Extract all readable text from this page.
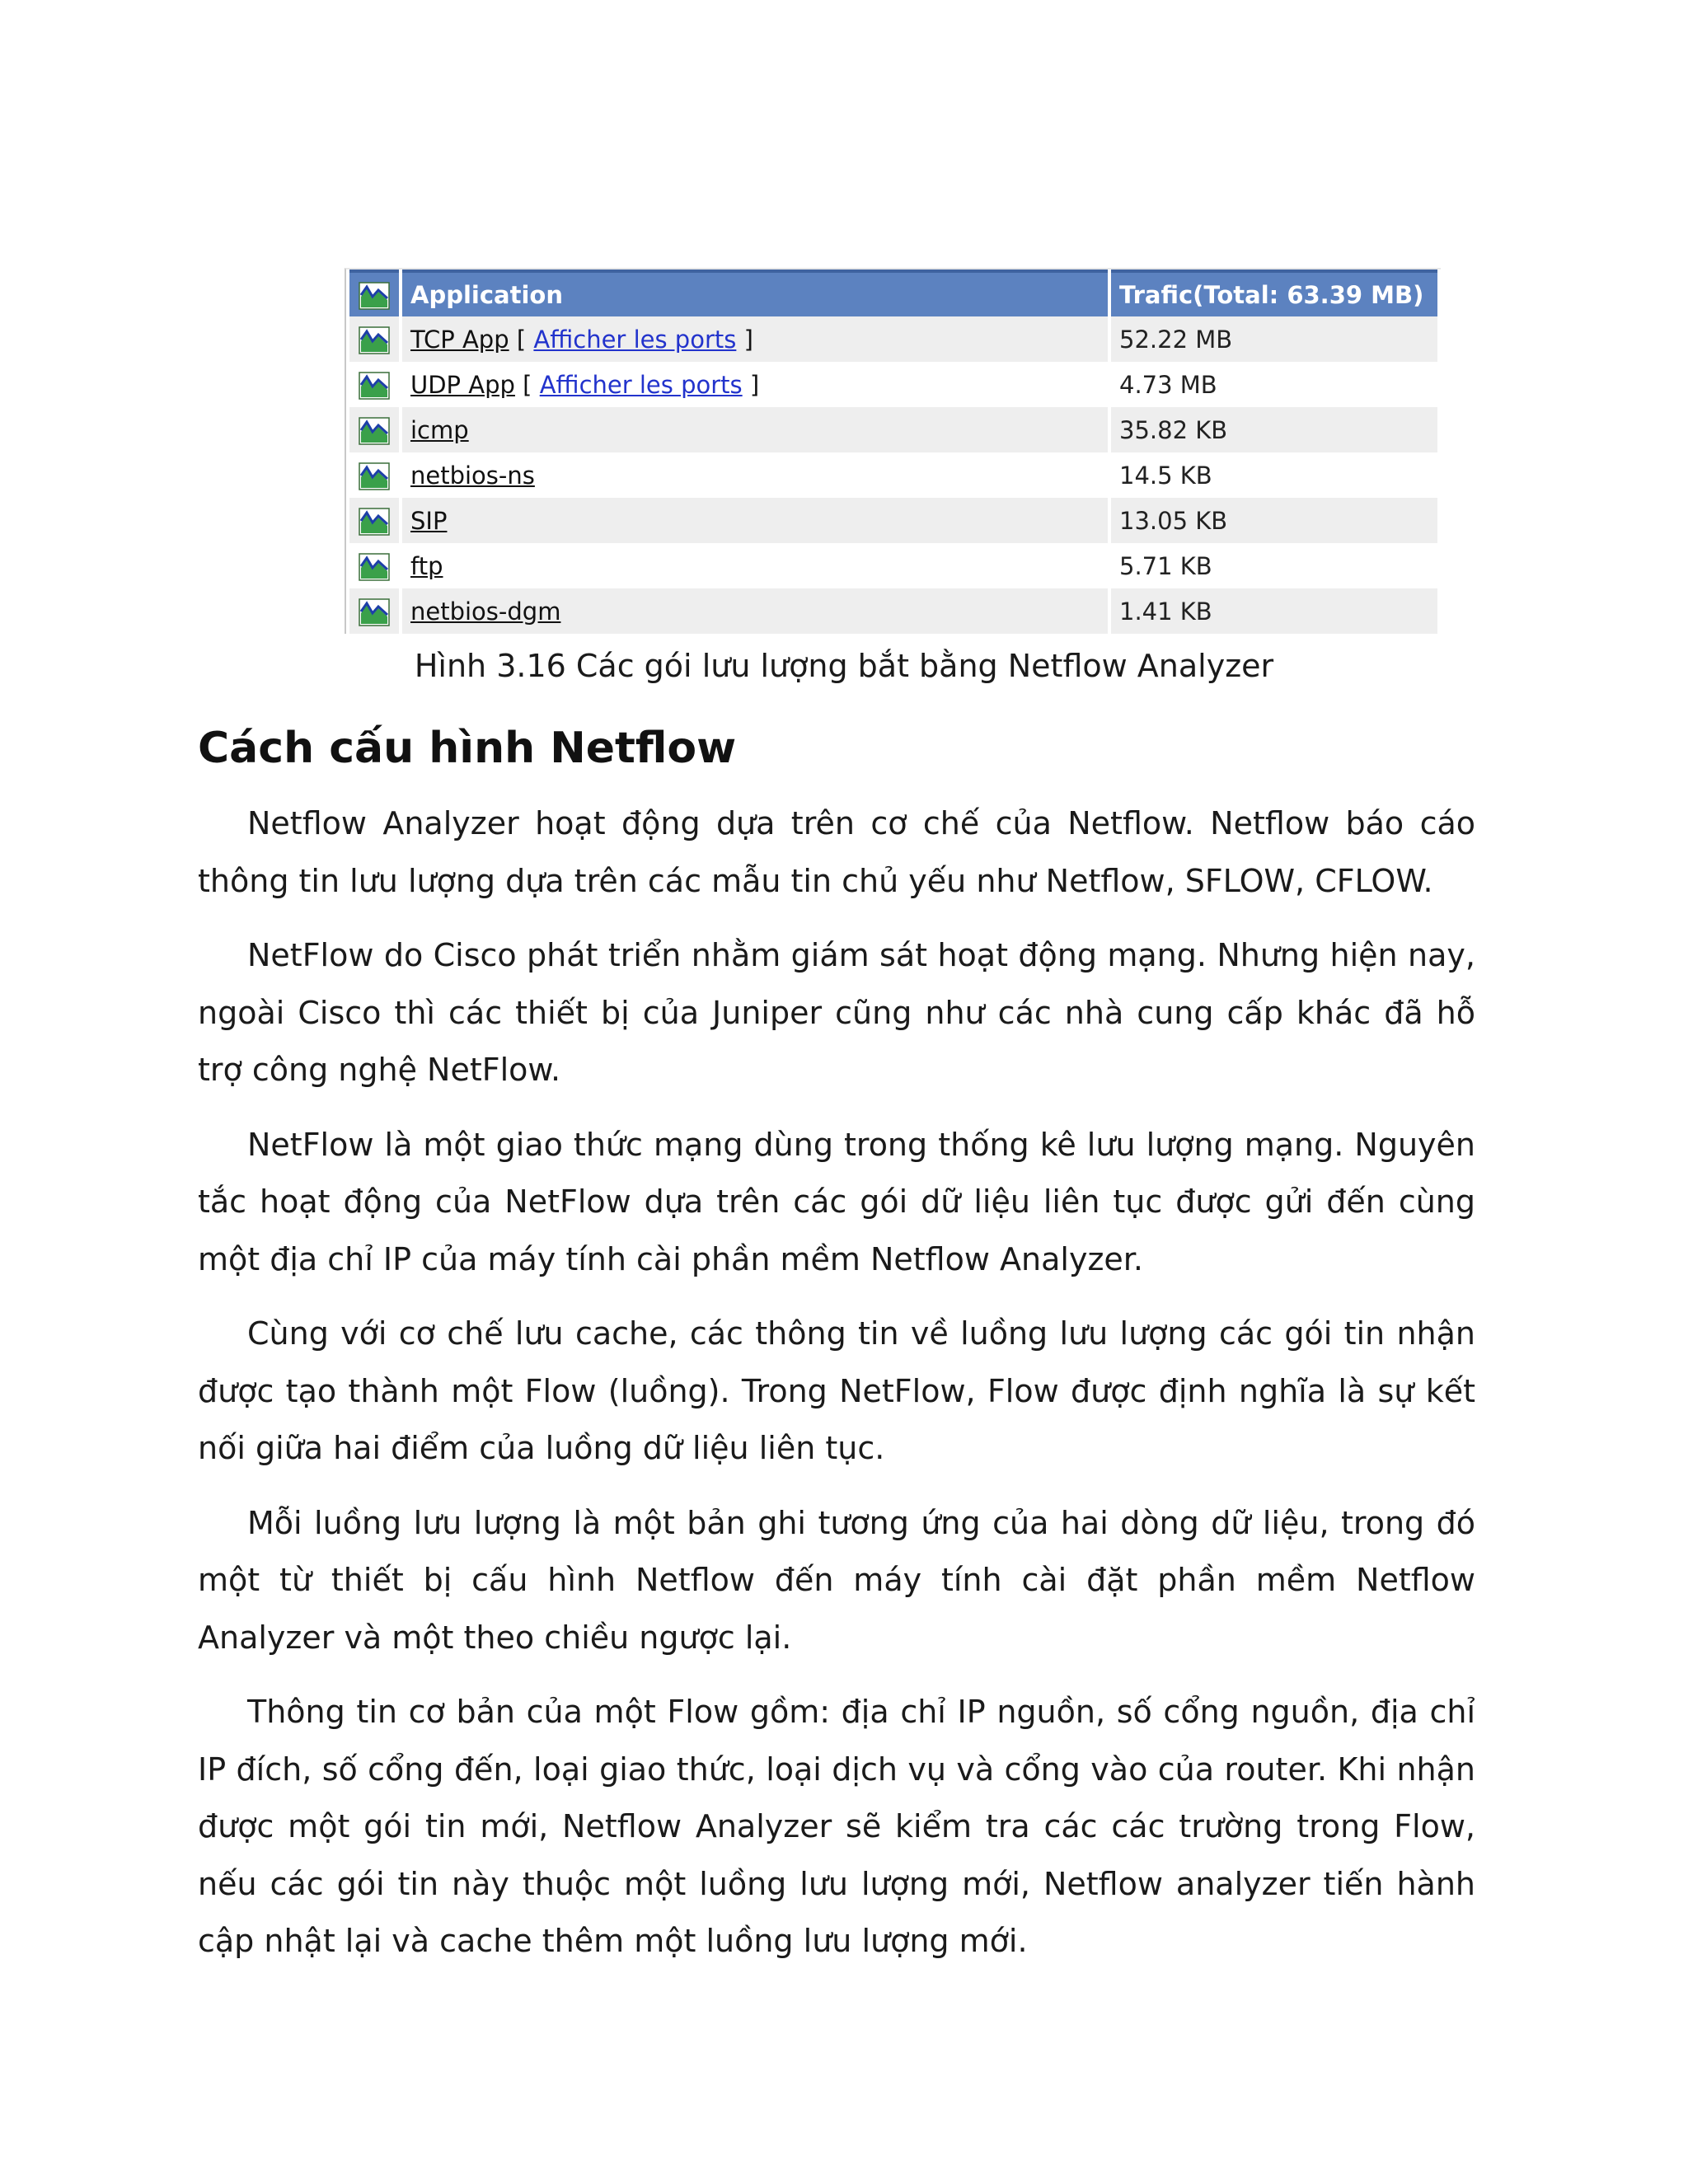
	Application	Trafic(Total: 63.39 MB)
	TCP App [ Afficher les ports ]	52.22 MB
	UDP App [ Afficher les ports ]	4.73 MB
	icmp	35.82 KB
	netbios-ns	14.5 KB
	SIP	13.05 KB
	ftp	5.71 KB
	netbios-dgm	1.41 KB
Hình 3.16 Các gói lưu lượng bắt bằng Netflow Analyzer
Cách cấu hình Netflow

Netflow Analyzer hoạt động dựa trên cơ chế của Netflow. Netflow báo cáo thông tin lưu lượng dựa trên các mẫu tin chủ yếu như Netflow, SFLOW, CFLOW.

NetFlow do Cisco phát triển nhằm giám sát hoạt động mạng. Nhưng hiện nay, ngoài Cisco thì các thiết bị của Juniper cũng như các nhà cung cấp khác đã hỗ trợ công nghệ NetFlow.

NetFlow là một giao thức mạng dùng trong thống kê lưu lượng mạng. Nguyên tắc hoạt động của NetFlow dựa trên các gói dữ liệu liên tục được gửi đến cùng một địa chỉ IP của máy tính cài phần mềm Netflow Analyzer.

Cùng với cơ chế lưu cache, các thông tin về luồng lưu lượng các gói tin nhận được tạo thành một Flow (luồng). Trong NetFlow, Flow được định nghĩa là sự kết nối giữa hai điểm của luồng dữ liệu liên tục.

Mỗi luồng lưu lượng là một bản ghi tương ứng của hai dòng dữ liệu, trong đó một từ thiết bị cấu hình Netflow đến máy tính cài đặt phần mềm Netflow Analyzer và một theo chiều ngược lại.

Thông tin cơ bản của một Flow gồm: địa chỉ IP nguồn, số cổng nguồn, địa chỉ IP đích, số cổng đến, loại giao thức, loại dịch vụ và cổng vào của router. Khi nhận được một gói tin mới, Netflow Analyzer sẽ kiểm tra các các trường trong Flow, nếu các gói tin này thuộc một luồng lưu lượng mới, Netflow analyzer tiến hành cập nhật lại và cache thêm một luồng lưu lượng mới.
